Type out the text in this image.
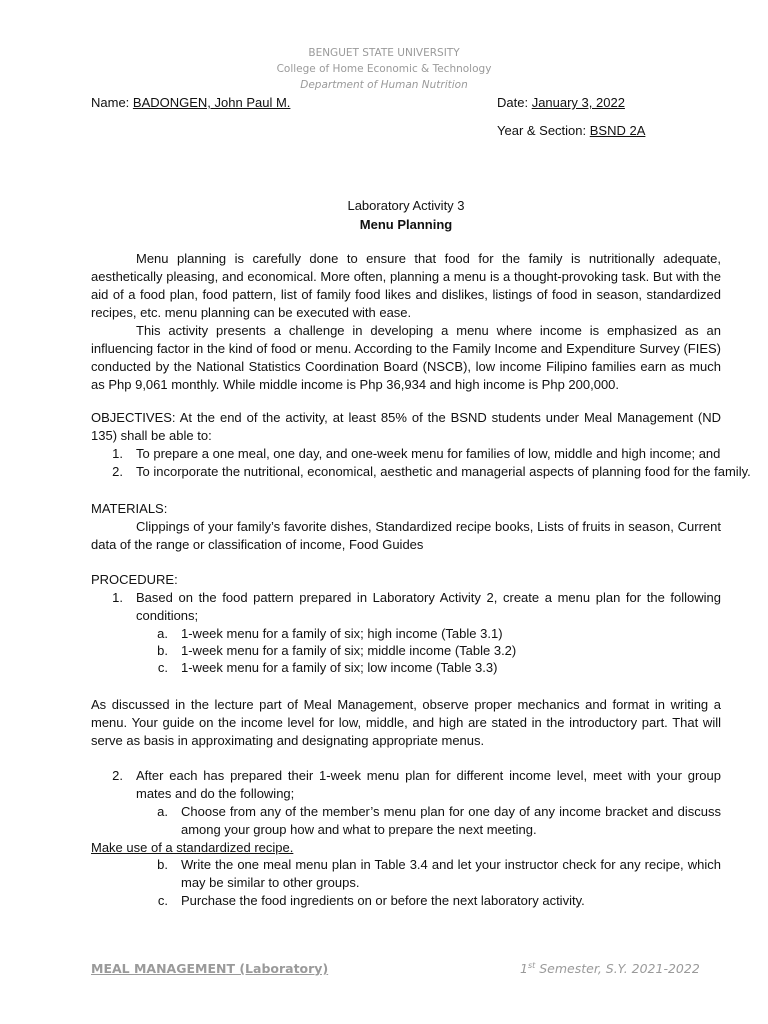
BENGUET STATE UNIVERSITY
College of Home Economic & Technology
Department of Human Nutrition
Name: BADONGEN, John Paul M.	Date: January 3, 2022
Year & Section: BSND 2A
Laboratory Activity 3
Menu Planning
Menu planning is carefully done to ensure that food for the family is nutritionally adequate, aesthetically pleasing, and economical. More often, planning a menu is a thought-provoking task. But with the aid of a food plan, food pattern, list of family food likes and dislikes, listings of food in season, standardized recipes, etc. menu planning can be executed with ease.
This activity presents a challenge in developing a menu where income is emphasized as an influencing factor in the kind of food or menu. According to the Family Income and Expenditure Survey (FIES) conducted by the National Statistics Coordination Board (NSCB), low income Filipino families earn as much as Php 9,061 monthly. While middle income is Php 36,934 and high income is Php 200,000.
OBJECTIVES: At the end of the activity, at least 85% of the BSND students under Meal Management (ND 135) shall be able to:
1. To prepare a one meal, one day, and one-week menu for families of low, middle and high income; and
2. To incorporate the nutritional, economical, aesthetic and managerial aspects of planning food for the family.
MATERIALS:
Clippings of your family’s favorite dishes, Standardized recipe books, Lists of fruits in season, Current data of the range or classification of income, Food Guides
PROCEDURE:
1. Based on the food pattern prepared in Laboratory Activity 2, create a menu plan for the following conditions;
a. 1-week menu for a family of six; high income (Table 3.1)
b. 1-week menu for a family of six; middle income (Table 3.2)
c. 1-week menu for a family of six; low income (Table 3.3)
As discussed in the lecture part of Meal Management, observe proper mechanics and format in writing a menu. Your guide on the income level for low, middle, and high are stated in the introductory part. That will serve as basis in approximating and designating appropriate menus.
2. After each has prepared their 1-week menu plan for different income level, meet with your group mates and do the following;
a. Choose from any of the member’s menu plan for one day of any income bracket and discuss among your group how and what to prepare the next meeting.
Make use of a standardized recipe.
b. Write the one meal menu plan in Table 3.4 and let your instructor check for any recipe, which may be similar to other groups.
c. Purchase the food ingredients on or before the next laboratory activity.
MEAL MANAGEMENT (Laboratory)	1st Semester, S.Y. 2021-2022
